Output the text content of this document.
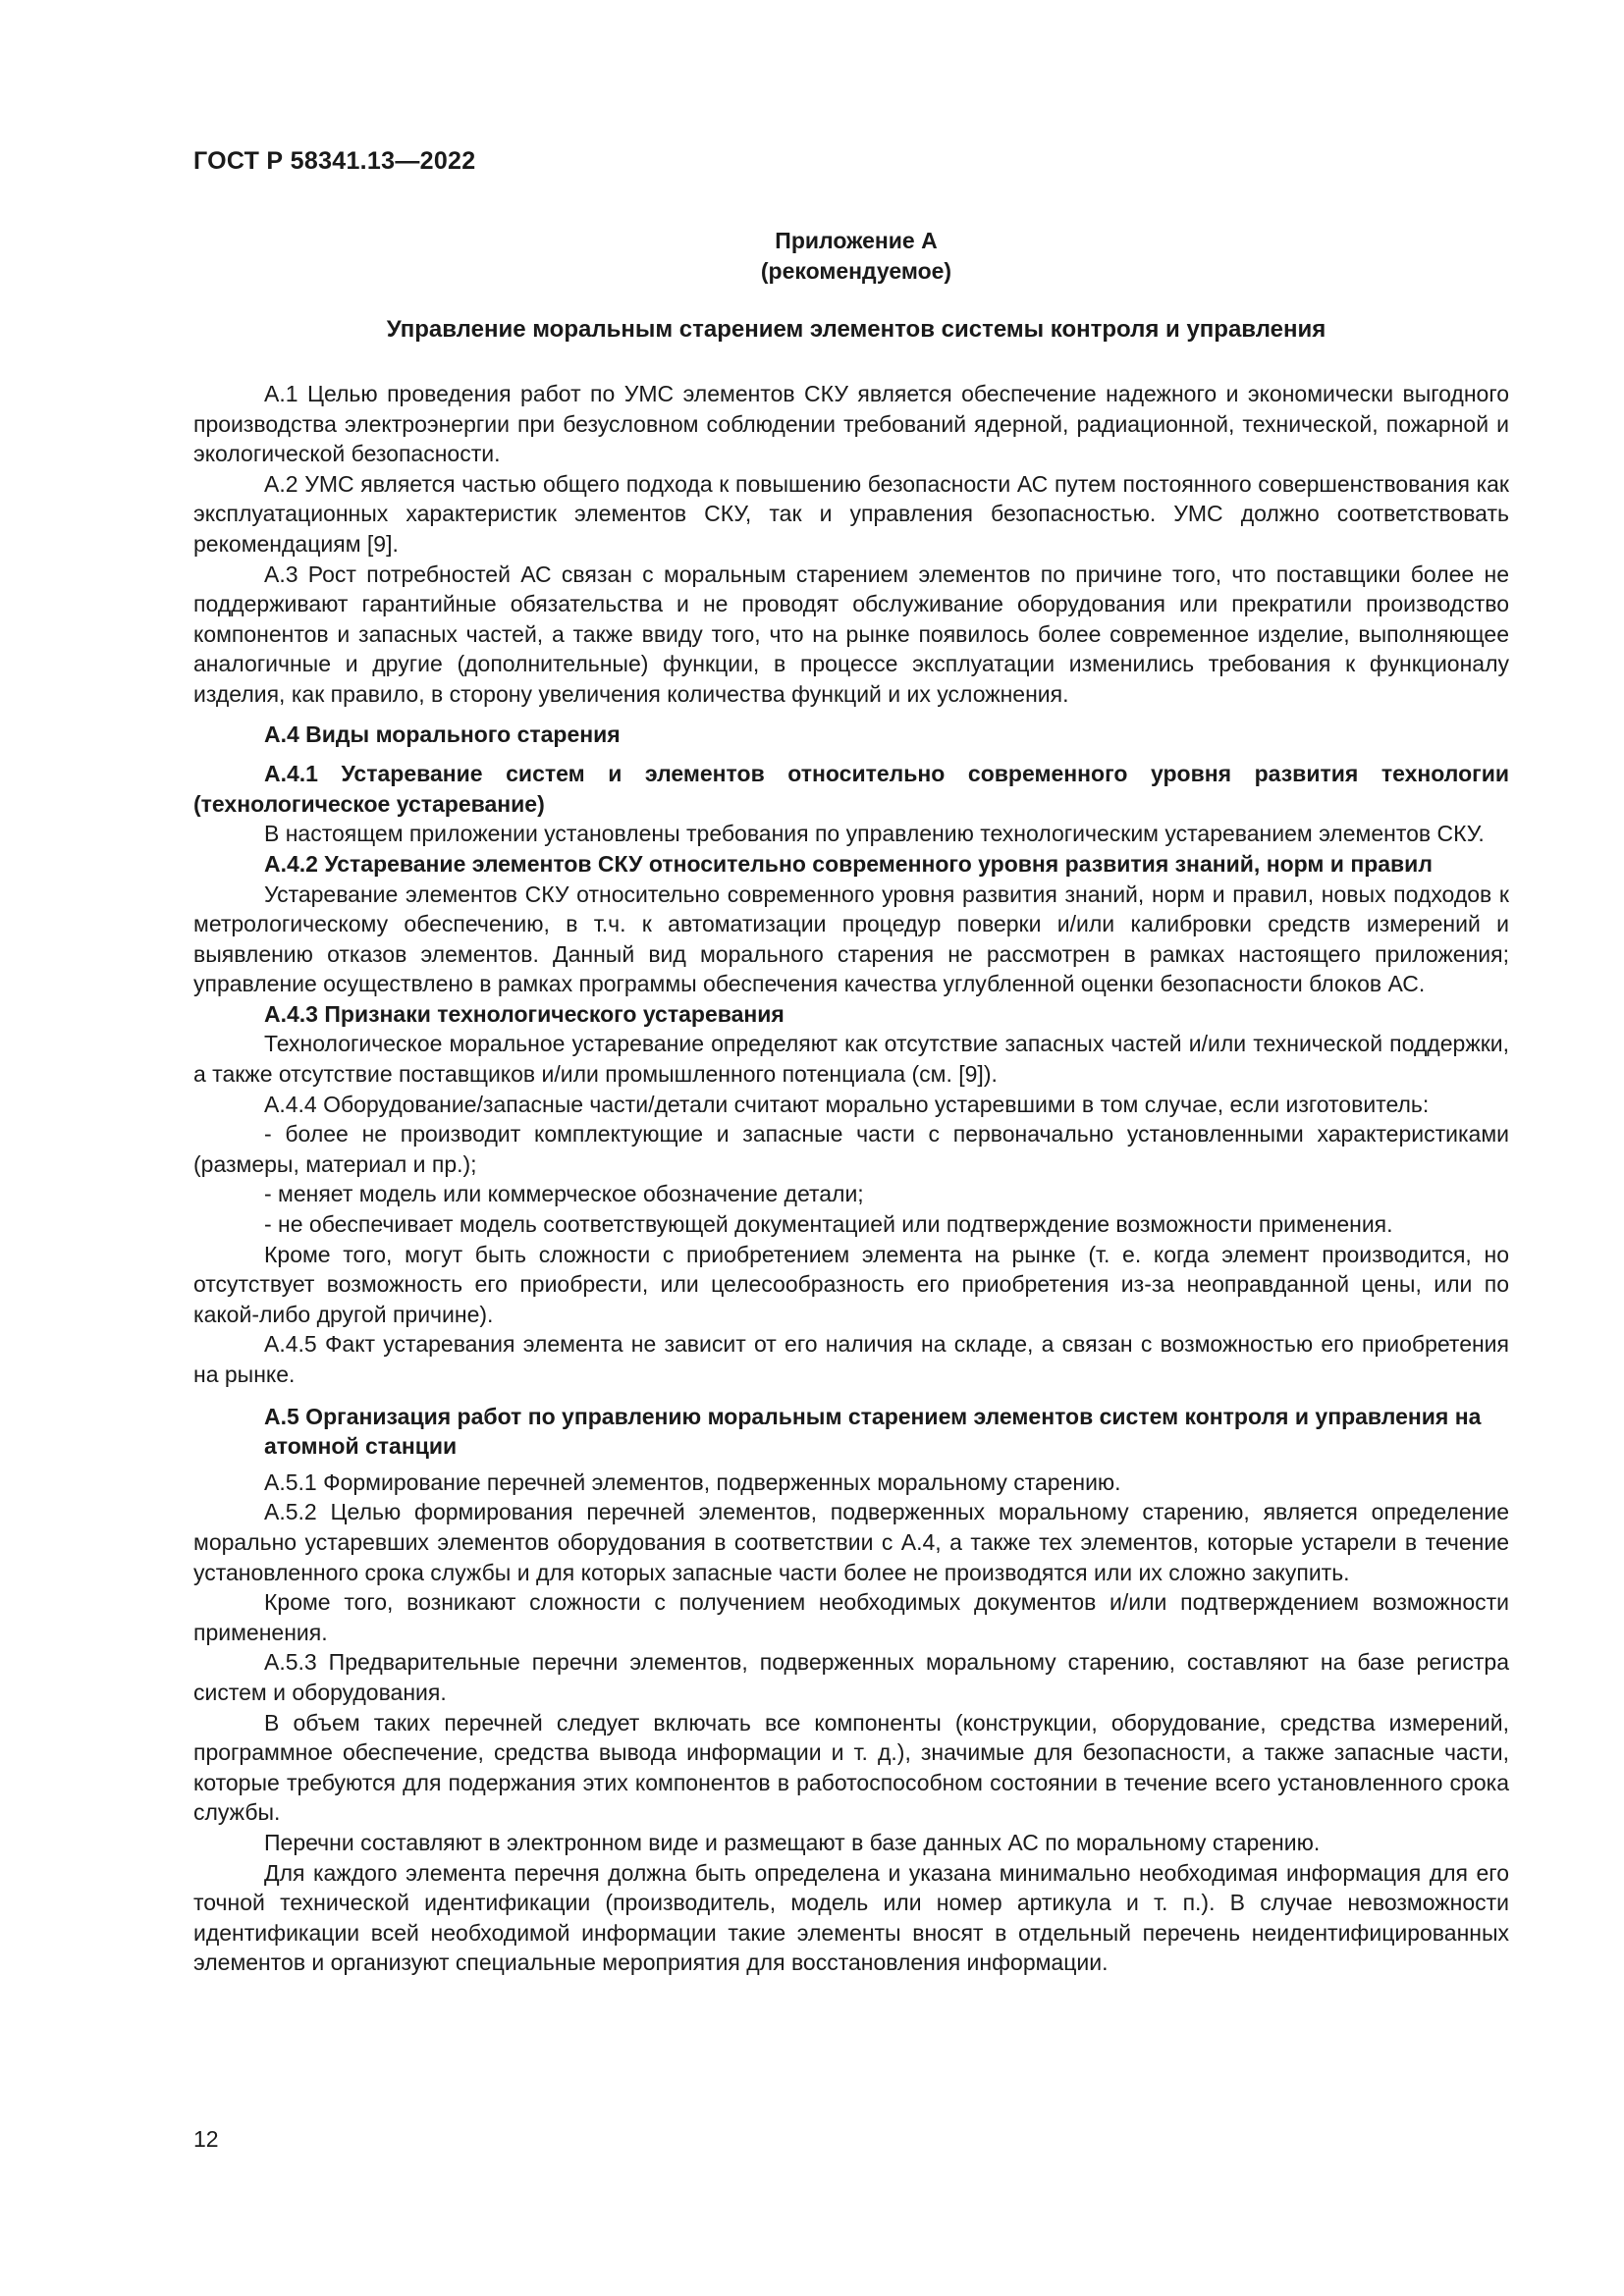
ГОСТ Р 58341.13—2022
Приложение А
(рекомендуемое)
Управление моральным старением элементов системы контроля и управления

А.1 Целью проведения работ по УМС элементов СКУ является обеспечение надежного и экономически выгодного производства электроэнергии при безусловном соблюдении требований ядерной, радиационной, технической, пожарной и экологической безопасности.

А.2 УМС является частью общего подхода к повышению безопасности АС путем постоянного совершенствования как эксплуатационных характеристик элементов СКУ, так и управления безопасностью. УМС должно соответствовать рекомендациям [9].

А.3 Рост потребностей АС связан с моральным старением элементов по причине того, что поставщики более не поддерживают гарантийные обязательства и не проводят обслуживание оборудования или прекратили производство компонентов и запасных частей, а также ввиду того, что на рынке появилось более современное изделие, выполняющее аналогичные и другие (дополнительные) функции, в процессе эксплуатации изменились требования к функционалу изделия, как правило, в сторону увеличения количества функций и их усложнения.

А.4 Виды морального старения

А.4.1 Устаревание систем и элементов относительно современного уровня развития технологии (технологическое устаревание)

В настоящем приложении установлены требования по управлению технологическим устареванием элементов СКУ.

А.4.2 Устаревание элементов СКУ относительно современного уровня развития знаний, норм и правил

Устаревание элементов СКУ относительно современного уровня развития знаний, норм и правил, новых подходов к метрологическому обеспечению, в т.ч. к автоматизации процедур поверки и/или калибровки средств измерений и выявлению отказов элементов. Данный вид морального старения не рассмотрен в рамках настоящего приложения; управление осуществлено в рамках программы обеспечения качества углубленной оценки безопасности блоков АС.

А.4.3 Признаки технологического устаревания

Технологическое моральное устаревание определяют как отсутствие запасных частей и/или технической поддержки, а также отсутствие поставщиков и/или промышленного потенциала (см. [9]).

А.4.4 Оборудование/запасные части/детали считают морально устаревшими в том случае, если изготовитель:

- более не производит комплектующие и запасные части с первоначально установленными характеристиками (размеры, материал и пр.);

- меняет модель или коммерческое обозначение детали;

- не обеспечивает модель соответствующей документацией или подтверждение возможности применения.

Кроме того, могут быть сложности с приобретением элемента на рынке (т. е. когда элемент производится, но отсутствует возможность его приобрести, или целесообразность его приобретения из-за неоправданной цены, или по какой-либо другой причине).

А.4.5 Факт устаревания элемента не зависит от его наличия на складе, а связан с возможностью его приобретения на рынке.

А.5 Организация работ по управлению моральным старением элементов систем контроля и управления на атомной станции

А.5.1 Формирование перечней элементов, подверженных моральному старению.

А.5.2 Целью формирования перечней элементов, подверженных моральному старению, является определение морально устаревших элементов оборудования в соответствии с А.4, а также тех элементов, которые устарели в течение установленного срока службы и для которых запасные части более не производятся или их сложно закупить.

Кроме того, возникают сложности с получением необходимых документов и/или подтверждением возможности применения.

А.5.3 Предварительные перечни элементов, подверженных моральному старению, составляют на базе регистра систем и оборудования.

В объем таких перечней следует включать все компоненты (конструкции, оборудование, средства измерений, программное обеспечение, средства вывода информации и т. д.), значимые для безопасности, а также запасные части, которые требуются для подержания этих компонентов в работоспособном состоянии в течение всего установленного срока службы.

Перечни составляют в электронном виде и размещают в базе данных АС по моральному старению.

Для каждого элемента перечня должна быть определена и указана минимально необходимая информация для его точной технической идентификации (производитель, модель или номер артикула и т. п.). В случае невозможности идентификации всей необходимой информации такие элементы вносят в отдельный перечень неидентифицированных элементов и организуют специальные мероприятия для восстановления информации.

12
